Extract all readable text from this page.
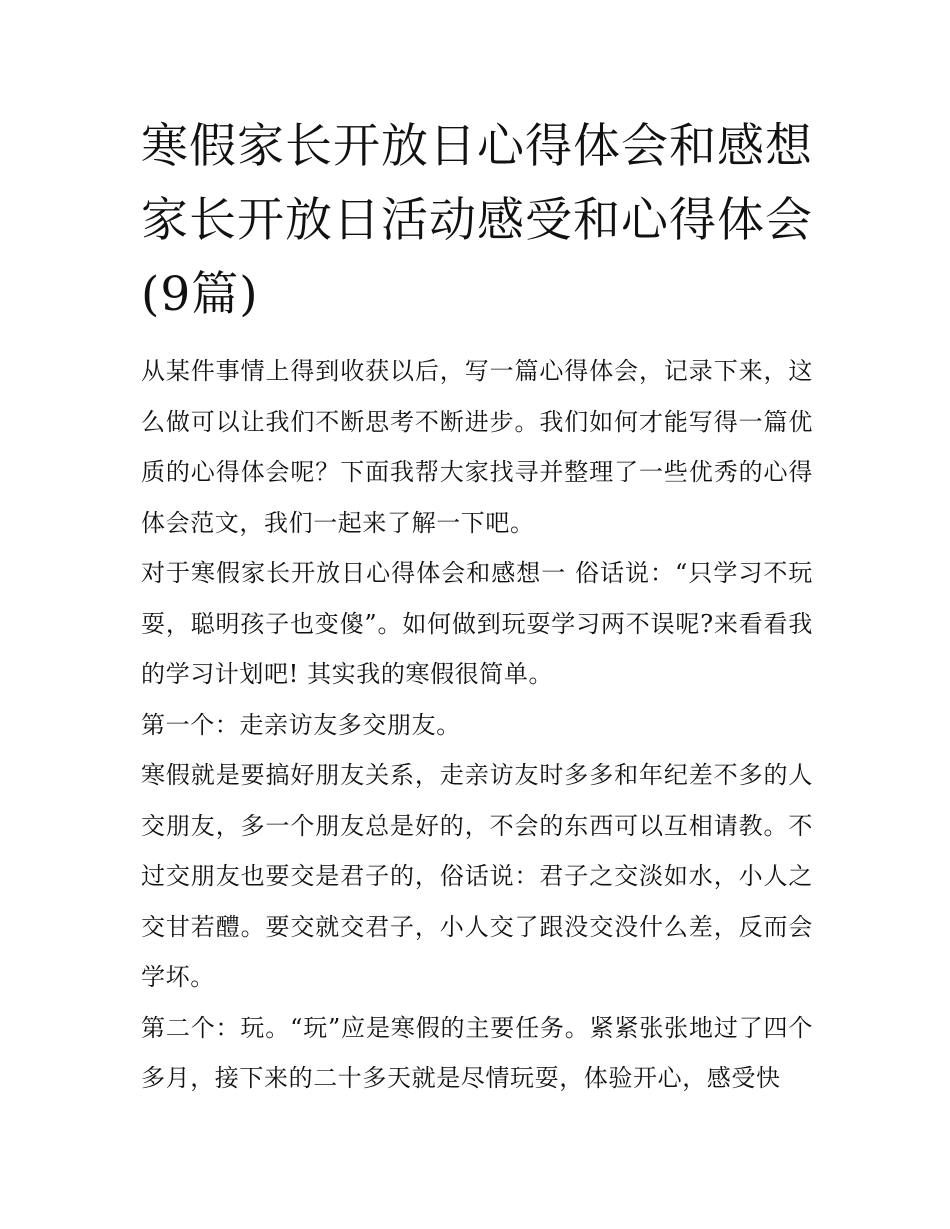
寒假家长开放日心得体会和感想 家长开放日活动感受和心得体会(9篇)

从某件事情上得到收获以后，写一篇心得体会，记录下来，这么做可以让我们不断思考不断进步。我们如何才能写得一篇优质的心得体会呢？下面我帮大家找寻并整理了一些优秀的心得体会范文，我们一起来了解一下吧。

对于寒假家长开放日心得体会和感想一 俗话说：“只学习不玩耍，聪明孩子也变傻”。如何做到玩耍学习两不误呢?来看看我的学习计划吧! 其实我的寒假很简单。

第一个：走亲访友多交朋友。

寒假就是要搞好朋友关系，走亲访友时多多和年纪差不多的人交朋友，多一个朋友总是好的，不会的东西可以互相请教。不过交朋友也要交是君子的，俗话说：君子之交淡如水，小人之交甘若醴。要交就交君子，小人交了跟没交没什么差，反而会学坏。

第二个：玩。“玩”应是寒假的主要任务。紧紧张张地过了四个多月，接下来的二十多天就是尽情玩耍，体验开心，感受快
